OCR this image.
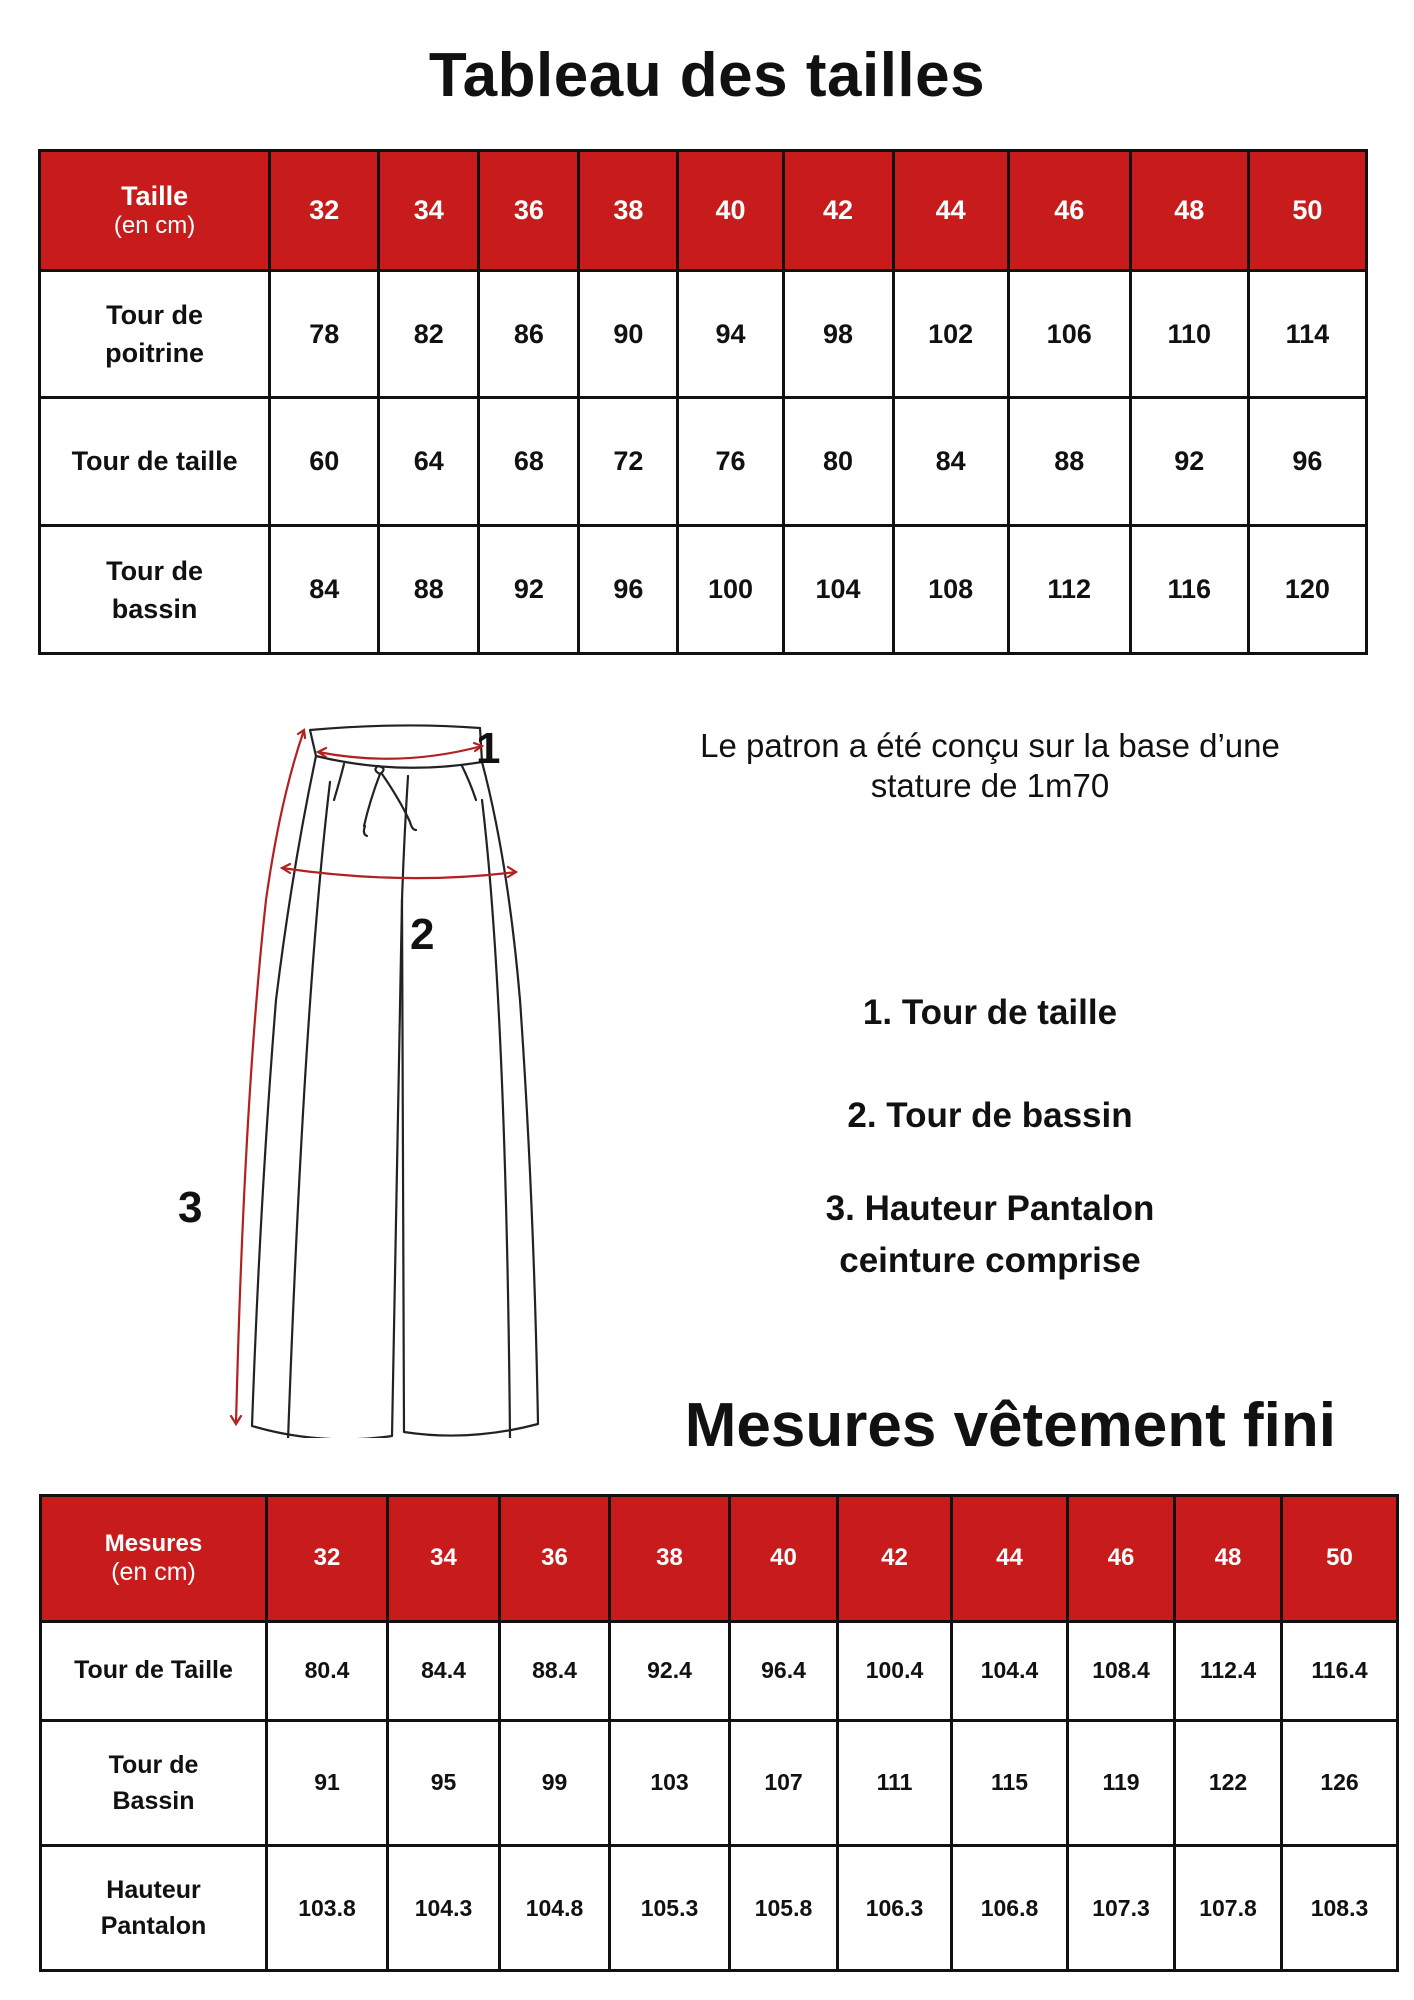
Tableau des tailles
Taille
(en cm)	32	34	36	38	40	42	44	46	48	50
Tour de poitrine	78	82	86	90	94	98	102	106	110	114
Tour de taille	60	64	68	72	76	80	84	88	92	96
Tour de bassin	84	88	92	96	100	104	108	112	116	120
1
2
3
Le patron a été conçu sur la base d’une stature de 1m70
1. Tour de taille
2. Tour de bassin
3. Hauteur Pantalon ceinture comprise
Mesures vêtement fini
Mesures
(en cm)	32	34	36	38	40	42	44	46	48	50
Tour de Taille	80.4	84.4	88.4	92.4	96.4	100.4	104.4	108.4	112.4	116.4
Tour de Bassin	91	95	99	103	107	111	115	119	122	126
Hauteur Pantalon	103.8	104.3	104.8	105.3	105.8	106.3	106.8	107.3	107.8	108.3
